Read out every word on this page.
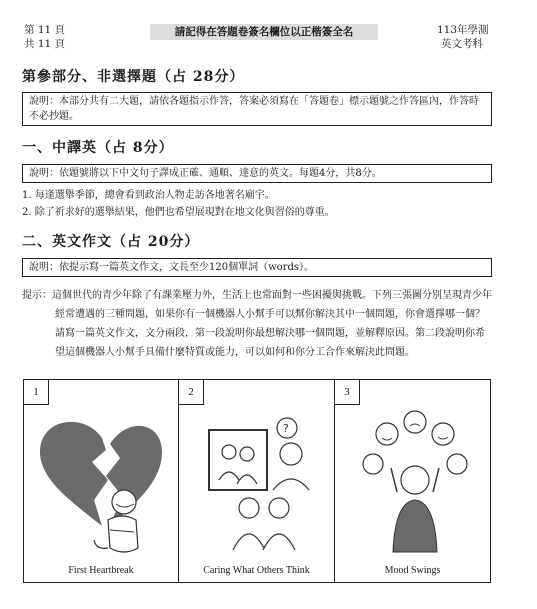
第 11 頁
共 11 頁
請記得在答題卷簽名欄位以正楷簽全名	113年學測
英文考科
第參部分、非選擇題（占 28分）
說明：本部分共有二大題，請依各題指示作答，答案必須寫在「答題卷」標示題號之作答區內，作答時不必抄題。
一、中譯英（占 8分）
說明：依題號將以下中文句子譯成正確、通順、達意的英文。每題4分，共8分。
1. 每逢選舉季節，總會看到政治人物走訪各地著名廟宇。
2. 除了祈求好的選舉結果，他們也希望展現對在地文化與習俗的尊重。
二、英文作文（占 20分）
說明：依提示寫一篇英文作文，文長至少120個單詞（words）。
提示：這個世代的青少年除了有課業壓力外，生活上也常面對一些困擾與挑戰。下列三張圖分別呈現青少年經常遭遇的三種問題，如果你有一個機器人小幫手可以幫你解決其中一個問題，你會選擇哪一個？請寫一篇英文作文，文分兩段，第一段說明你最想解決哪一個問題，並解釋原因。第二段說明你希望這個機器人小幫手具備什麼特質或能力，可以如何和你分工合作來解決此問題。
1
First Heartbreak
2
?
Caring What Others Think
3
Mood Swings
